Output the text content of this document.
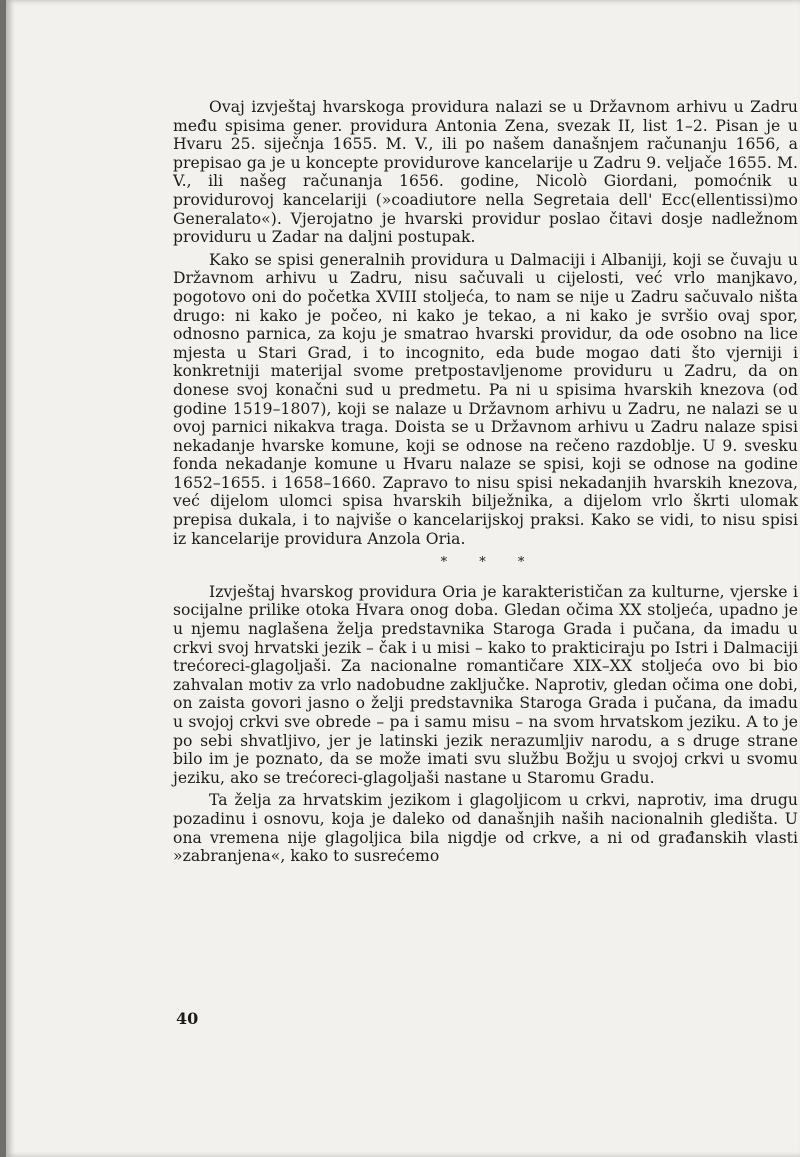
Ovaj izvještaj hvarskoga providura nalazi se u Državnom arhivu u Zadru među spisima gener. providura Antonia Zena, svezak II, list 1–2. Pisan je u Hvaru 25. siječnja 1655. M. V., ili po našem današnjem računanju 1656, a prepisao ga je u koncepte providurove kancelarije u Zadru 9. veljače 1655. M. V., ili našeg računanja 1656. godine, Nicolò Giordani, pomoćnik u providurovoj kancelariji (»coadiutore nella Segretaia dell' Ecc(ellentissi)mo Generalato«). Vjerojatno je hvarski providur poslao čitavi dosje nadležnom providuru u Zadar na daljni postupak.

Kako se spisi generalnih providura u Dalmaciji i Albaniji, koji se čuvaju u Državnom arhivu u Zadru, nisu sačuvali u cijelosti, već vrlo manjkavo, pogotovo oni do početka XVIII stoljeća, to nam se nije u Zadru sačuvalo ništa drugo: ni kako je počeo, ni kako je tekao, a ni kako je svršio ovaj spor, odnosno parnica, za koju je smatrao hvarski providur, da ode osobno na lice mjesta u Stari Grad, i to incognito, eda bude mogao dati što vjerniji i konkretniji materijal svome pretpostavljenome providuru u Zadru, da on donese svoj konačni sud u predmetu. Pa ni u spisima hvarskih knezova (od godine 1519–1807), koji se nalaze u Državnom arhivu u Zadru, ne nalazi se u ovoj parnici nikakva traga. Doista se u Državnom arhivu u Zadru nalaze spisi nekadanje hvarske komune, koji se odnose na rečeno razdoblje. U 9. svesku fonda nekadanje komune u Hvaru nalaze se spisi, koji se odnose na godine 1652–1655. i 1658–1660. Zapravo to nisu spisi nekadanjih hvarskih knezova, već dijelom ulomci spisa hvarskih bilježnika, a dijelom vrlo škrti ulomak prepisa dukala, i to najviše o kancelarijskoj praksi. Kako se vidi, to nisu spisi iz kancelarije providura Anzola Oria.

* * *

Izvještaj hvarskog providura Oria je karakterističan za kulturne, vjerske i socijalne prilike otoka Hvara onog doba. Gledan očima XX stoljeća, upadno je u njemu naglašena želja predstavnika Staroga Grada i pučana, da imadu u crkvi svoj hrvatski jezik – čak i u misi – kako to prakticiraju po Istri i Dalmaciji trećoreci-glagoljaši. Za nacionalne romantičare XIX–XX stoljeća ovo bi bio zahvalan motiv za vrlo nadobudne zaključke. Naprotiv, gledan očima one dobi, on zaista govori jasno o želji predstavnika Staroga Grada i pučana, da imadu u svojoj crkvi sve obrede – pa i samu misu – na svom hrvatskom jeziku. A to je po sebi shvatljivo, jer je latinski jezik nerazumljiv narodu, a s druge strane bilo im je poznato, da se može imati svu službu Božju u svojoj crkvi u svomu jeziku, ako se trećoreci-glagoljaši nastane u Staromu Gradu.

Ta želja za hrvatskim jezikom i glagoljicom u crkvi, naprotiv, ima drugu pozadinu i osnovu, koja je daleko od današnjih naših nacionalnih gledišta. U ona vremena nije glagoljica bila nigdje od crkve, a ni od građanskih vlasti »zabranjena«, kako to susrećemo

40
